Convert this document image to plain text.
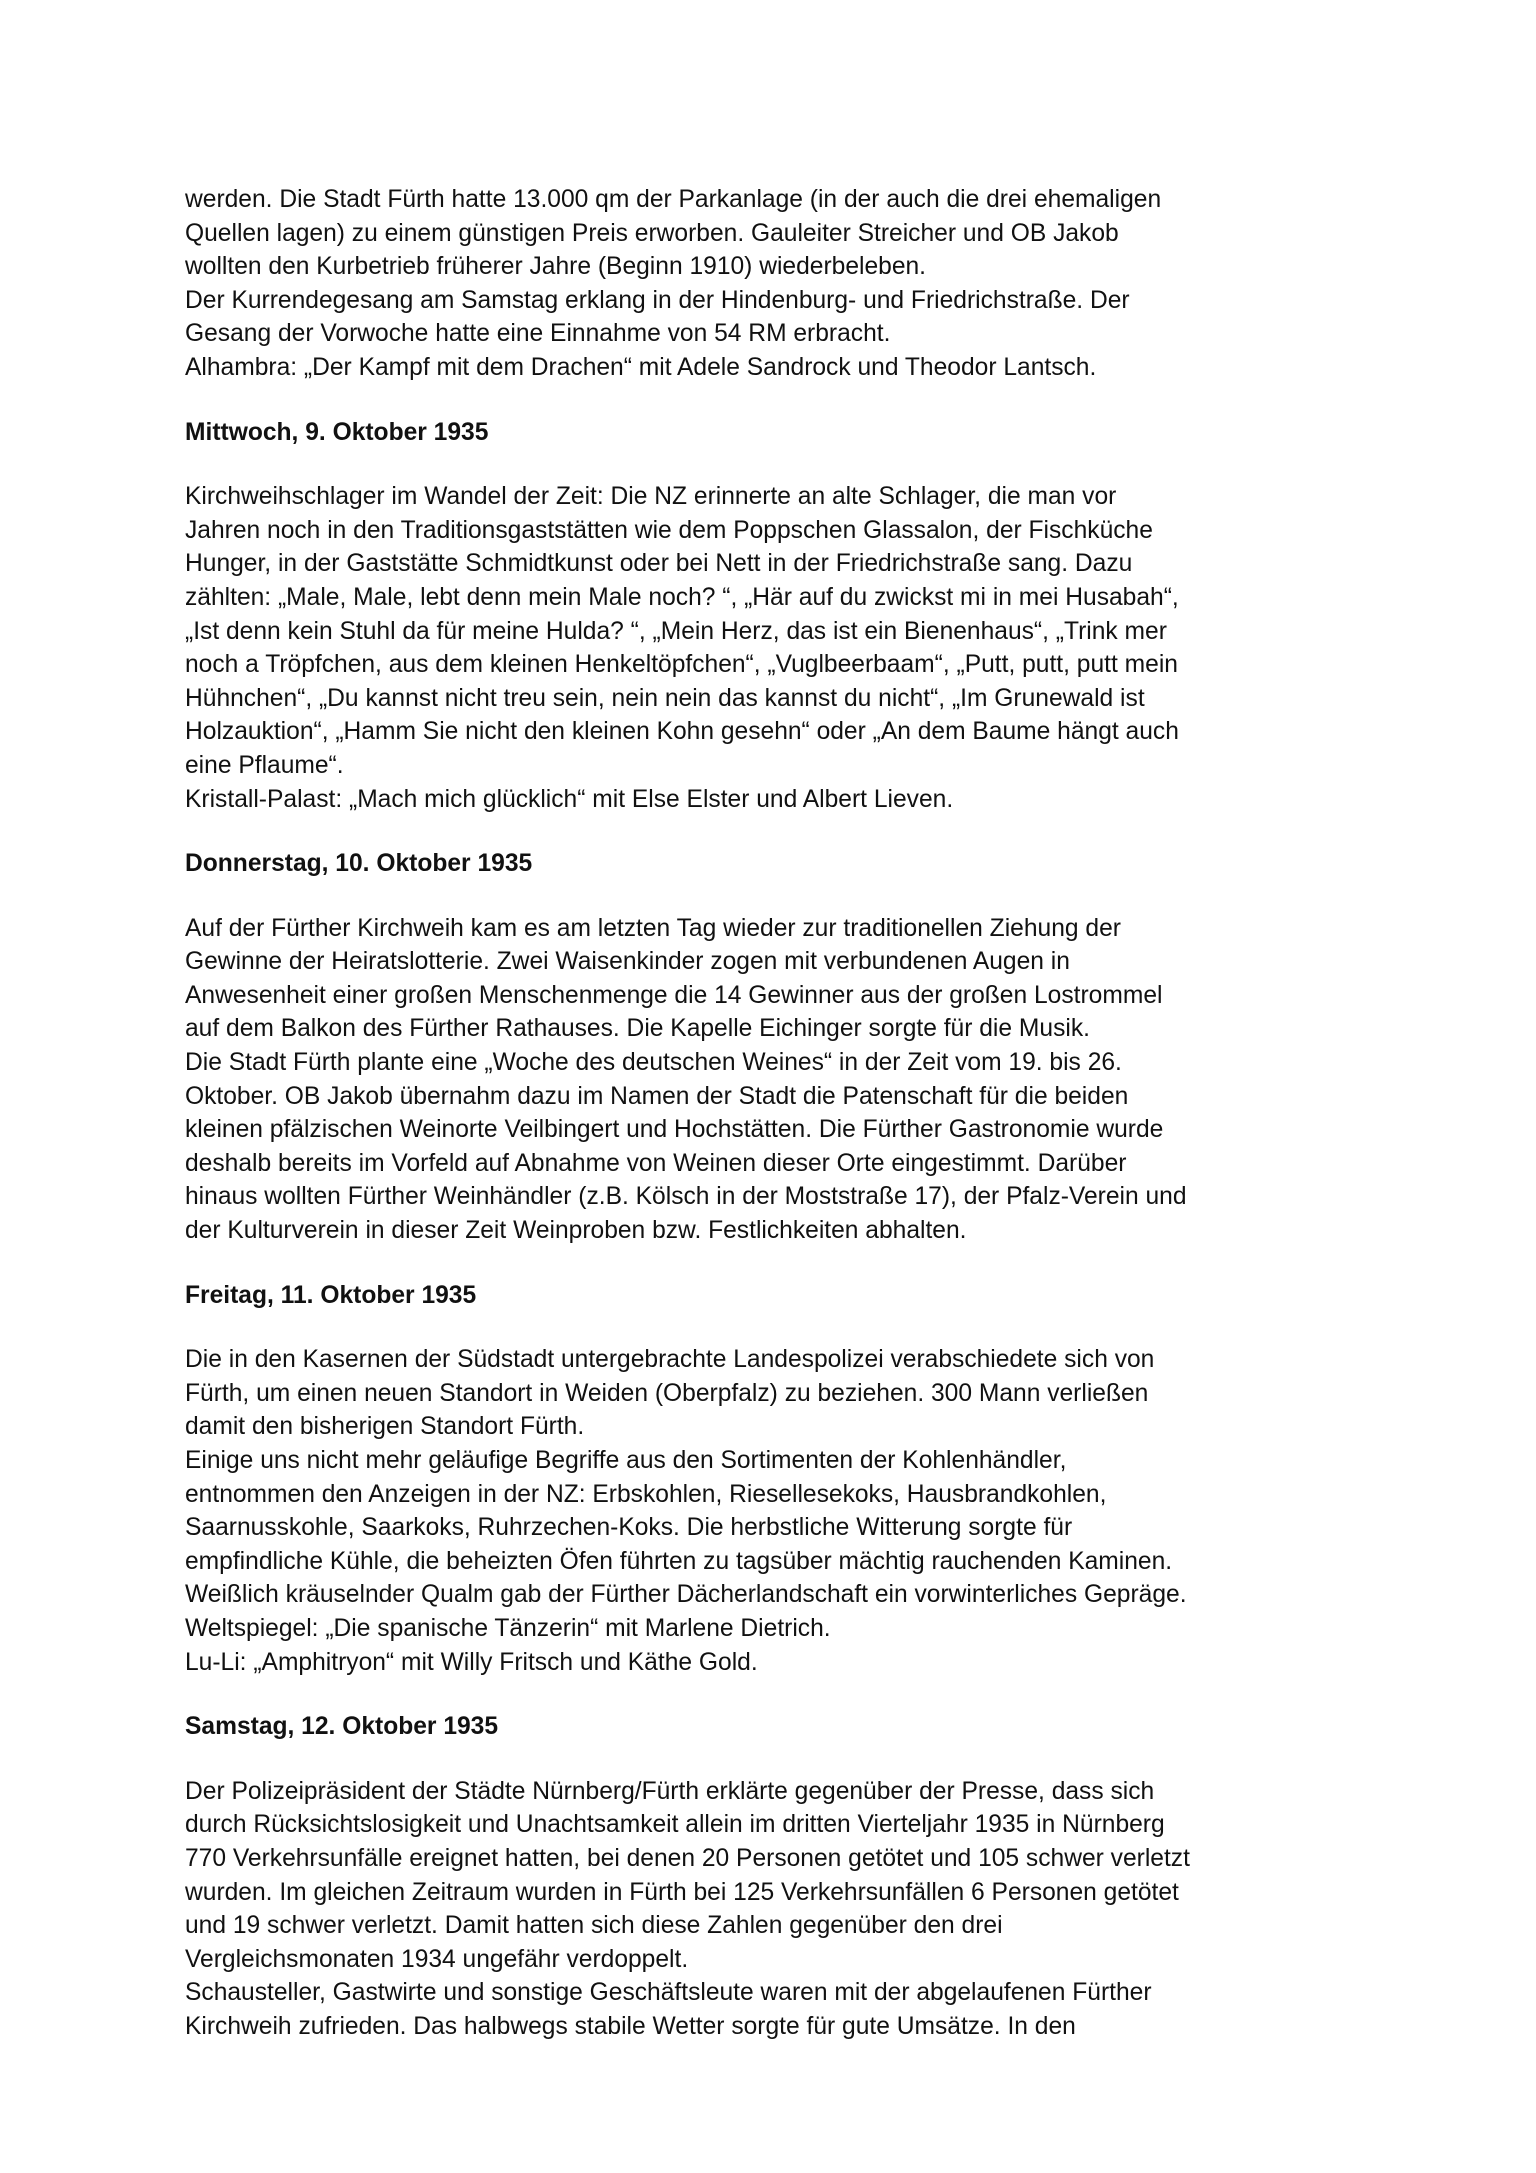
werden. Die Stadt Fürth hatte 13.000 qm der Parkanlage (in der auch die drei ehemaligen

Quellen lagen) zu einem günstigen Preis erworben. Gauleiter Streicher und OB Jakob

wollten den Kurbetrieb früherer Jahre (Beginn 1910) wiederbeleben.

Der Kurrendegesang am Samstag erklang in der Hindenburg- und Friedrichstraße. Der

Gesang der Vorwoche hatte eine Einnahme von 54 RM erbracht.

Alhambra: „Der Kampf mit dem Drachen“ mit Adele Sandrock und Theodor Lantsch.

Mittwoch, 9. Oktober 1935

Kirchweihschlager im Wandel der Zeit: Die NZ erinnerte an alte Schlager, die man vor

Jahren noch in den Traditionsgaststätten wie dem Poppschen Glassalon, der Fischküche

Hunger, in der Gaststätte Schmidtkunst oder bei Nett in der Friedrichstraße sang. Dazu

zählten: „Male, Male, lebt denn mein Male noch? “, „Här auf du zwickst mi in mei Husabah“,

„Ist denn kein Stuhl da für meine Hulda? “, „Mein Herz, das ist ein Bienenhaus“, „Trink mer

noch a Tröpfchen, aus dem kleinen Henkeltöpfchen“, „Vuglbeerbaam“, „Putt, putt, putt mein

Hühnchen“, „Du kannst nicht treu sein, nein nein das kannst du nicht“, „Im Grunewald ist

Holzauktion“, „Hamm Sie nicht den kleinen Kohn gesehn“ oder „An dem Baume hängt auch

eine Pflaume“.

Kristall-Palast: „Mach mich glücklich“ mit Else Elster und Albert Lieven.

Donnerstag, 10. Oktober 1935

Auf der Fürther Kirchweih kam es am letzten Tag wieder zur traditionellen Ziehung der

Gewinne der Heiratslotterie. Zwei Waisenkinder zogen mit verbundenen Augen in

Anwesenheit einer großen Menschenmenge die 14 Gewinner aus der großen Lostrommel

auf dem Balkon des Fürther Rathauses. Die Kapelle Eichinger sorgte für die Musik.

Die Stadt Fürth plante eine „Woche des deutschen Weines“ in der Zeit vom 19. bis 26.

Oktober. OB Jakob übernahm dazu im Namen der Stadt die Patenschaft für die beiden

kleinen pfälzischen Weinorte Veilbingert und Hochstätten. Die Fürther Gastronomie wurde

deshalb bereits im Vorfeld auf Abnahme von Weinen dieser Orte eingestimmt. Darüber

hinaus wollten Fürther Weinhändler (z.B. Kölsch in der Moststraße 17), der Pfalz-Verein und

der Kulturverein in dieser Zeit Weinproben bzw. Festlichkeiten abhalten.

Freitag, 11. Oktober 1935

Die in den Kasernen der Südstadt untergebrachte Landespolizei verabschiedete sich von

Fürth, um einen neuen Standort in Weiden (Oberpfalz) zu beziehen. 300 Mann verließen

damit den bisherigen Standort Fürth.

Einige uns nicht mehr geläufige Begriffe aus den Sortimenten der Kohlenhändler,

entnommen den Anzeigen in der NZ: Erbskohlen, Riesellesekoks, Hausbrandkohlen,

Saarnusskohle, Saarkoks, Ruhrzechen-Koks. Die herbstliche Witterung sorgte für

empfindliche Kühle, die beheizten Öfen führten zu tagsüber mächtig rauchenden Kaminen.

Weißlich kräuselnder Qualm gab der Fürther Dächerlandschaft ein vorwinterliches Gepräge.

Weltspiegel: „Die spanische Tänzerin“ mit Marlene Dietrich.

Lu-Li: „Amphitryon“ mit Willy Fritsch und Käthe Gold.

Samstag, 12. Oktober 1935

Der Polizeipräsident der Städte Nürnberg/Fürth erklärte gegenüber der Presse, dass sich

durch Rücksichtslosigkeit und Unachtsamkeit allein im dritten Vierteljahr 1935 in Nürnberg

770 Verkehrsunfälle ereignet hatten, bei denen 20 Personen getötet und 105 schwer verletzt

wurden. Im gleichen Zeitraum wurden in Fürth bei 125 Verkehrsunfällen 6 Personen getötet

und 19 schwer verletzt. Damit hatten sich diese Zahlen gegenüber den drei

Vergleichsmonaten 1934 ungefähr verdoppelt.

Schausteller, Gastwirte und sonstige Geschäftsleute waren mit der abgelaufenen Fürther

Kirchweih zufrieden. Das halbwegs stabile Wetter sorgte für gute Umsätze. In den
